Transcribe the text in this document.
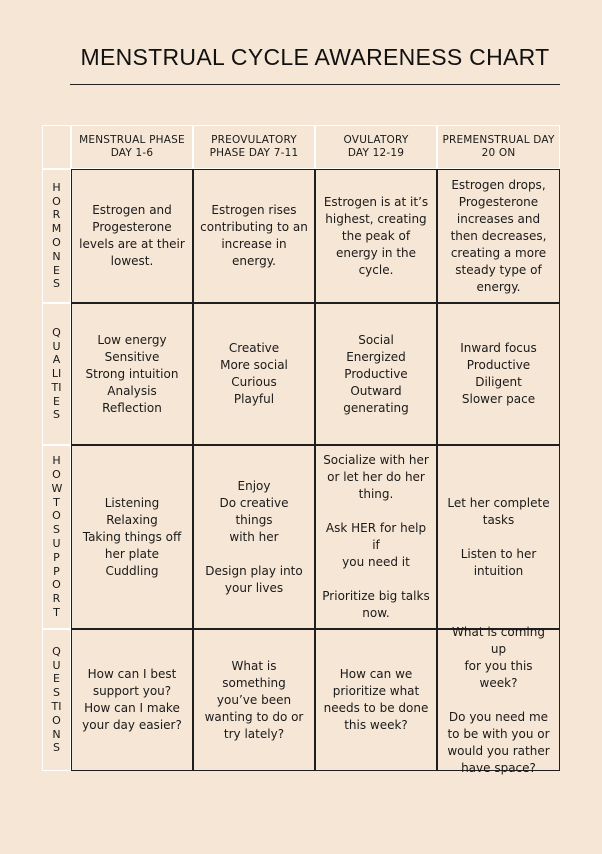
MENSTRUAL CYCLE AWARENESS CHART
MENSTRUAL PHASE
DAY 1-6
PREOVULATORY
PHASE DAY 7-11
OVULATORY
DAY 12-19
PREMENSTRUAL DAY
20 ON
HORMONES
Estrogen and
Progesterone
levels are at their
lowest.
Estrogen rises
contributing to an
increase in
energy.
Estrogen is at it’s
highest, creating
the peak of
energy in the
cycle.
Estrogen drops,
Progesterone
increases and
then decreases,
creating a more
steady type of
energy.
QUALITIES
Low energy
Sensitive
Strong intuition
Analysis
Reflection
Creative
More social
Curious
Playful
Social
Energized
Productive
Outward
generating
Inward focus
Productive
Diligent
Slower pace
HOWTOSUPPORT
Listening
Relaxing
Taking things off
her plate
Cuddling
Enjoy
Do creative things
with her

Design play into
your lives
Socialize with her
or let her do her
thing.

Ask HER for help if
you need it

Prioritize big talks
now.
Let her complete
tasks

Listen to her
intuition
QUESTIONS
How can I best
support you?
How can I make
your day easier?
What is something
you’ve been
wanting to do or
try lately?
How can we
prioritize what
needs to be done
this week?
What is coming up
for you this week?

Do you need me
to be with you or
would you rather
have space?
